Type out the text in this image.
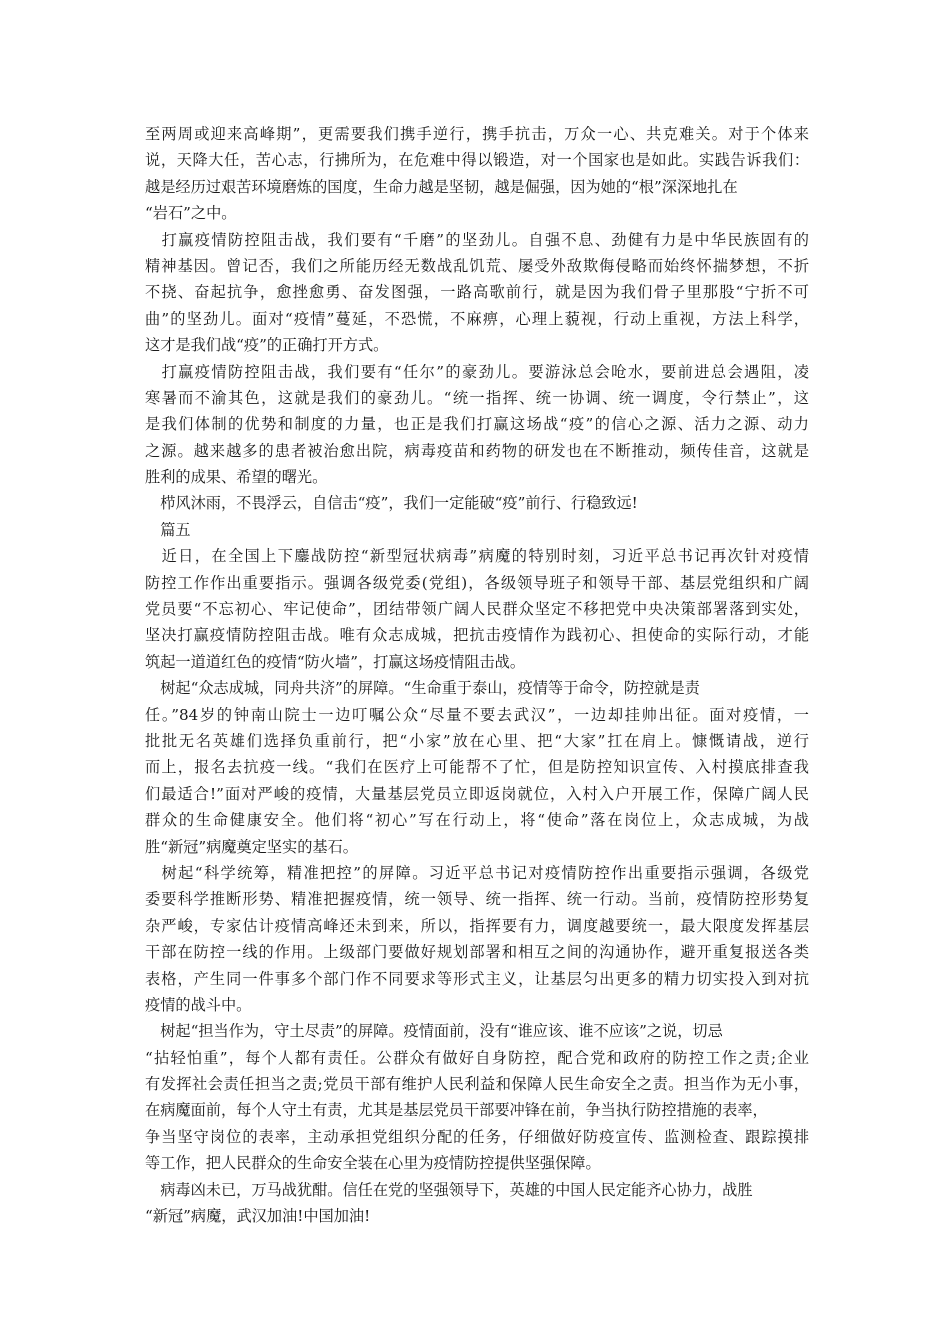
至两周或迎来高峰期”，更需要我们携手逆行，携手抗击，万众一心、共克难关。对于个体来
说，天降大任，苦心志，行拂所为，在危难中得以锻造，对一个国家也是如此。实践告诉我们：
越是经历过艰苦环境磨炼的国度，生命力越是坚韧，越是倔强，因为她的“根”深深地扎在
“岩石”之中。
　打赢疫情防控阻击战，我们要有“千磨”的坚劲儿。自强不息、劲健有力是中华民族固有的
精神基因。曾记否，我们之所能历经无数战乱饥荒、屡受外敌欺侮侵略而始终怀揣梦想，不折
不挠、奋起抗争，愈挫愈勇、奋发图强，一路高歌前行，就是因为我们骨子里那股“宁折不可
曲”的坚劲儿。面对“疫情”蔓延，不恐慌，不麻痹，心理上藐视，行动上重视，方法上科学，
这才是我们战“疫”的正确打开方式。
　打赢疫情防控阻击战，我们要有“任尔”的豪劲儿。要游泳总会呛水，要前进总会遇阻，凌
寒暑而不渝其色，这就是我们的豪劲儿。“统一指挥、统一协调、统一调度，令行禁止”，这
是我们体制的优势和制度的力量，也正是我们打赢这场战“疫”的信心之源、活力之源、动力
之源。越来越多的患者被治愈出院，病毒疫苗和药物的研发也在不断推动，频传佳音，这就是
胜利的成果、希望的曙光。
　栉风沐雨，不畏浮云，自信击“疫”，我们一定能破“疫”前行、行稳致远!
　篇五
　近日，在全国上下鏖战防控“新型冠状病毒”病魔的特别时刻，习近平总书记再次针对疫情
防控工作作出重要指示。强调各级党委(党组)，各级领导班子和领导干部、基层党组织和广阔
党员要“不忘初心、牢记使命”，团结带领广阔人民群众坚定不移把党中央决策部署落到实处，
坚决打赢疫情防控阻击战。唯有众志成城，把抗击疫情作为践初心、担使命的实际行动，才能
筑起一道道红色的疫情“防火墙”，打赢这场疫情阻击战。
　树起“众志成城，同舟共济”的屏障。“生命重于泰山，疫情等于命令，防控就是责
任。”84岁的钟南山院士一边叮嘱公众“尽量不要去武汉”，一边却挂帅出征。面对疫情，一
批批无名英雄们选择负重前行，把“小家”放在心里、把“大家”扛在肩上。慷慨请战，逆行
而上，报名去抗疫一线。“我们在医疗上可能帮不了忙，但是防控知识宣传、入村摸底排查我
们最适合!”面对严峻的疫情，大量基层党员立即返岗就位，入村入户开展工作，保障广阔人民
群众的生命健康安全。他们将“初心”写在行动上，将“使命”落在岗位上，众志成城，为战
胜“新冠”病魔奠定坚实的基石。
　树起“科学统筹，精准把控”的屏障。习近平总书记对疫情防控作出重要指示强调，各级党
委要科学推断形势、精准把握疫情，统一领导、统一指挥、统一行动。当前，疫情防控形势复
杂严峻，专家估计疫情高峰还未到来，所以，指挥要有力，调度越要统一，最大限度发挥基层
干部在防控一线的作用。上级部门要做好规划部署和相互之间的沟通协作，避开重复报送各类
表格，产生同一件事多个部门作不同要求等形式主义，让基层匀出更多的精力切实投入到对抗
疫情的战斗中。
　树起“担当作为，守土尽责”的屏障。疫情面前，没有“谁应该、谁不应该”之说，切忌
“拈轻怕重”，每个人都有责任。公群众有做好自身防控，配合党和政府的防控工作之责;企业
有发挥社会责任担当之责;党员干部有维护人民利益和保障人民生命安全之责。担当作为无小事，
在病魔面前，每个人守土有责，尤其是基层党员干部要冲锋在前，争当执行防控措施的表率，
争当坚守岗位的表率，主动承担党组织分配的任务，仔细做好防疫宣传、监测检查、跟踪摸排
等工作，把人民群众的生命安全装在心里为疫情防控提供坚强保障。
　病毒凶未已，万马战犹酣。信任在党的坚强领导下，英雄的中国人民定能齐心协力，战胜
“新冠”病魔，武汉加油!中国加油!
